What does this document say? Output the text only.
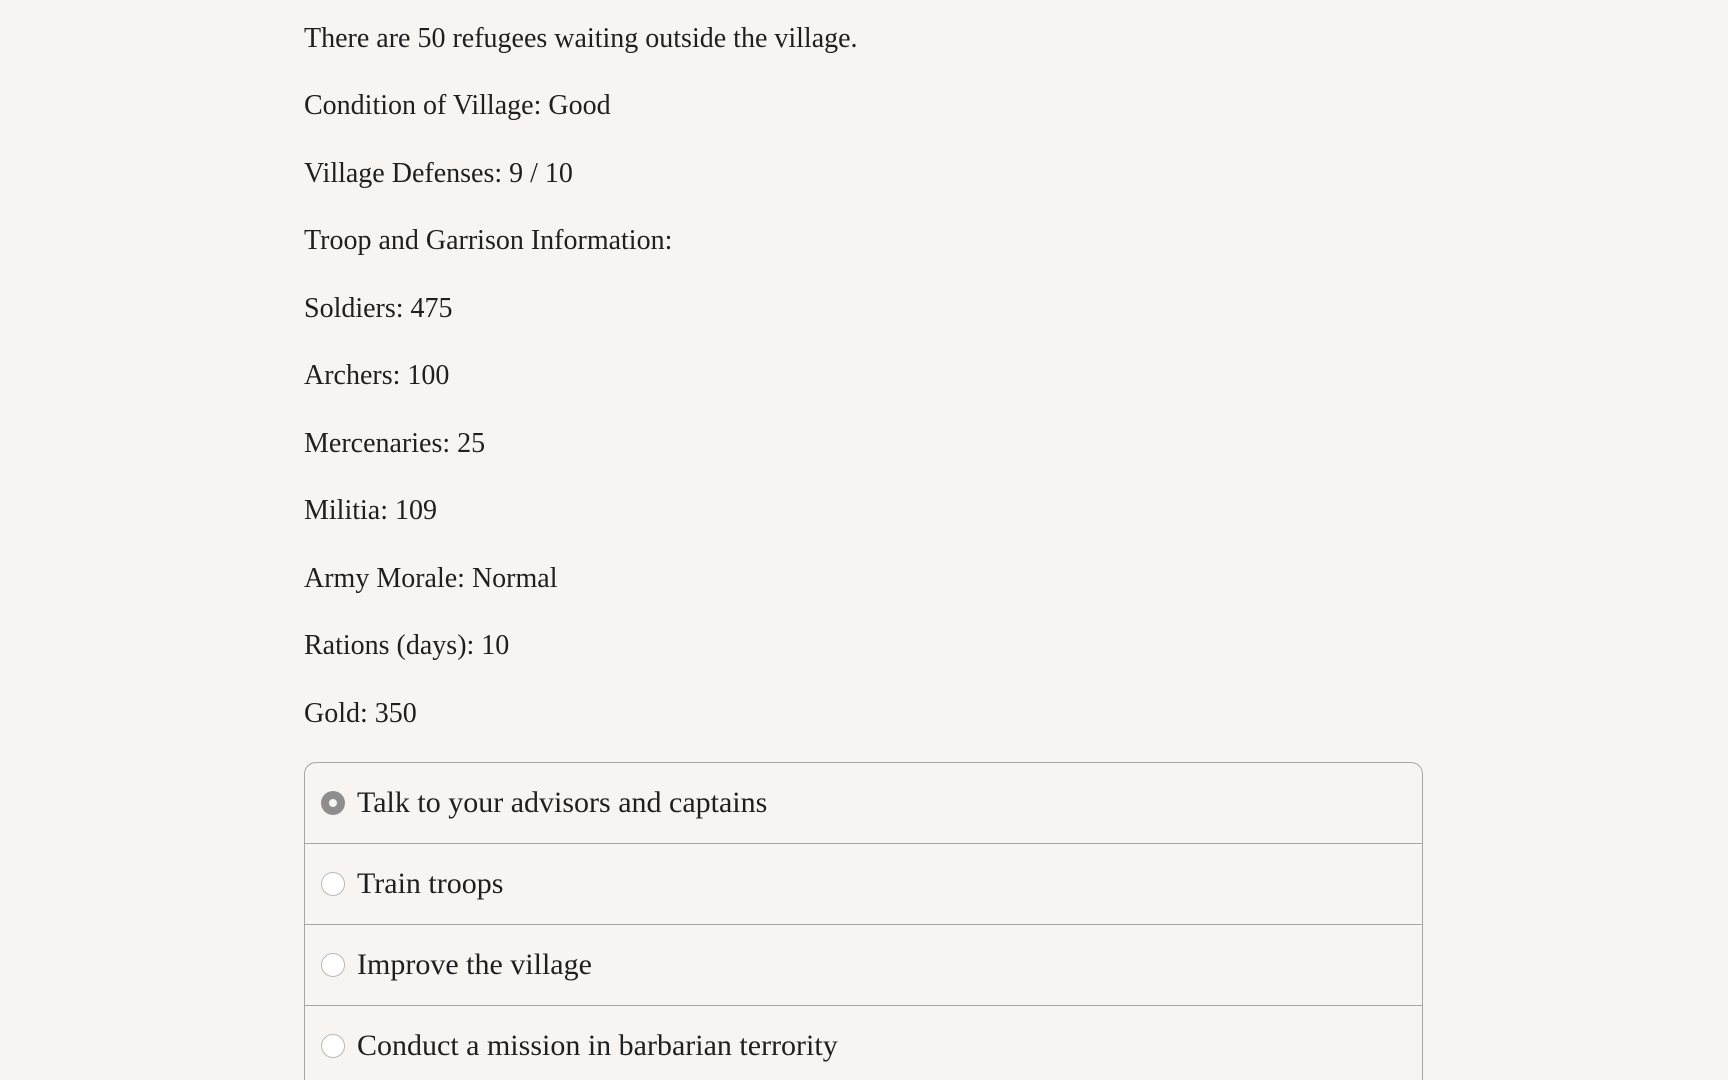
There are 50 refugees waiting outside the village.

Condition of Village: Good

Village Defenses: 9 / 10

Troop and Garrison Information:

Soldiers: 475

Archers: 100

Mercenaries: 25

Militia: 109

Army Morale: Normal

Rations (days): 10

Gold: 350

Talk to your advisors and captains
Train troops
Improve the village
Conduct a mission in barbarian terrority
